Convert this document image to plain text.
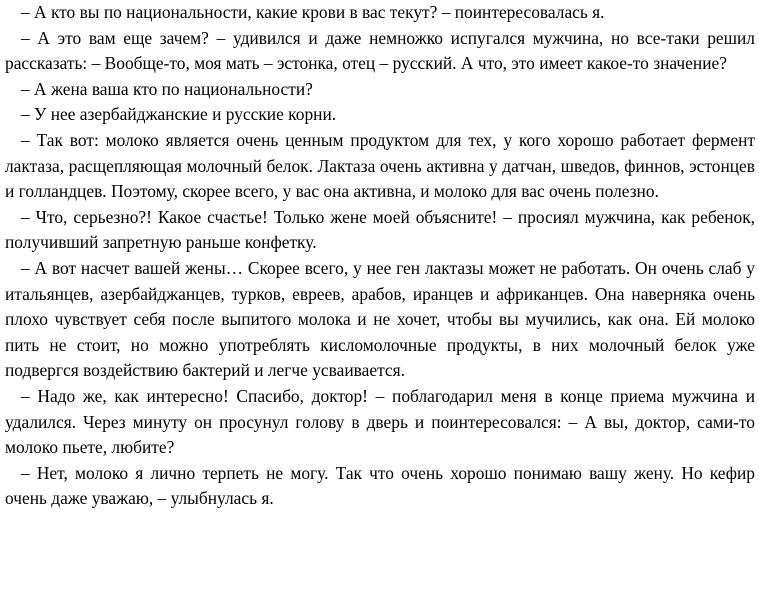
– А кто вы по национальности, какие крови в вас текут? – поинтересовалась я.

– А это вам еще зачем? – удивился и даже немножко испугался мужчина, но все-таки решил рассказать: – Вообще-то, моя мать – эстонка, отец – русский. А что, это имеет какое-то значение?

– А жена ваша кто по национальности?

– У нее азербайджанские и русские корни.

– Так вот: молоко является очень ценным продуктом для тех, у кого хорошо работает фермент лактаза, расщепляющая молочный белок. Лактаза очень активна у датчан, шведов, финнов, эстонцев и голландцев. Поэтому, скорее всего, у вас она активна, и молоко для вас очень полезно.

– Что, серьезно?! Какое счастье! Только жене моей объясните! – просиял мужчина, как ребенок, получивший запретную раньше конфетку.

– А вот насчет вашей жены… Скорее всего, у нее ген лактазы может не работать. Он очень слаб у итальянцев, азербайджанцев, турков, евреев, арабов, иранцев и африканцев. Она наверняка очень плохо чувствует себя после выпитого молока и не хочет, чтобы вы мучились, как она. Ей молоко пить не стоит, но можно употреблять кисломолочные продукты, в них молочный белок уже подвергся воздействию бактерий и легче усваивается.

– Надо же, как интересно! Спасибо, доктор! – поблагодарил меня в конце приема мужчина и удалился. Через минуту он просунул голову в дверь и поинтересовался: – А вы, доктор, сами-то молоко пьете, любите?

– Нет, молоко я лично терпеть не могу. Так что очень хорошо понимаю вашу жену. Но кефир очень даже уважаю, – улыбнулась я.
